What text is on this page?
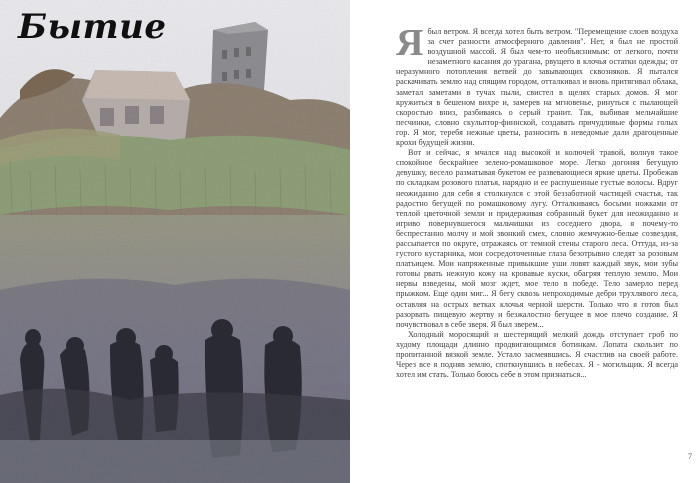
Бытие	Ябыл ветром. Я всегда хотел быть ветром. "Перемещение слоев воздуха за счет разности атмосферного давления". Нет, я был не простой воздушной массой. Я был чем-то необъяснимым: от легкого, почти незаметного касания до урагана, рвущего в клочья остатки одежды; от неразумного потопления ветвей до завывающих сквозняков. Я пытался раскачивать землю над спящим городом, отталкивал и вновь притягивал облака, заметал заметами в тучах пыли, свистел в щелях старых домов. Я мог кружиться в бешеном вихре и, замерев на мгновенье, ринуться с пылающей скоростью вниз, разбиваясь о серый гранит. Так, выбивая мельчайшие песчинки, словно скульптор-финнской, создавать причудливые формы голых гор. Я мог, теребя нежные цветы, разносить в неведомые дали драгоценные крохи будущей жизни.

Вот и сейчас, я мчался над высокой и колючей травой, волнуя такое спокойное бескрайнее зелено-ромашковое море. Легко догоняя бегущую девушку, весело разматывая букетом ее развевающиеся яркие цветы. Пробежав по складкам розового платья, нарядно и ее распушенные густые волосы. Вдруг неожиданно для себя я столкнулся с этой беззаботной частицей счастья, так радостно бегущей по ромашковому лугу. Отталкиваясь босыми ножками от теплой цветочной земли и придерживая собранный букет для неожиданно и игриво повернувшегося мальчишки из соседнего двора, я почему-то беспрестанно молчу и мой звонкий смех, словно жемчужно-белые созвездия, рассыпается по округе, отражаясь от темной стены старого леса. Оттуда, из-за густого кустарника, мои сосредоточенные глаза безотрывно следят за розовым платьицем. Мои напряженные привыкшие уши ловят каждый звук, мои зубы готовы рвать нежную кожу на кровавые куски, обагряя теплую землю. Мои нервы взведены, мой мозг ждет, мое тело в победе. Тело замерло перед прыжком. Еще один миг... Я бегу сквозь непроходимые дебри трухлявого леса, оставляя на острых ветках клочья черной шерсти. Только что я готов был разорвать пищевую жертву и безжалостно бегущее в мое плечо создание. Я почувствовал в себе зверя. Я был зверем...

Холодный моросящий и шестерящий мелкий дождь отступает гроб по худому площади длинно продвигающимся ботинкам. Лопата скользит по пропитанной вязкой земле. Устало засмеявшись. Я счастлив на своей работе. Через все я подняв землю, споткнувшись в небесах. Я - могильщик. Я всегда хотел им стать. Только боюсь себе в этом признаться...

7
